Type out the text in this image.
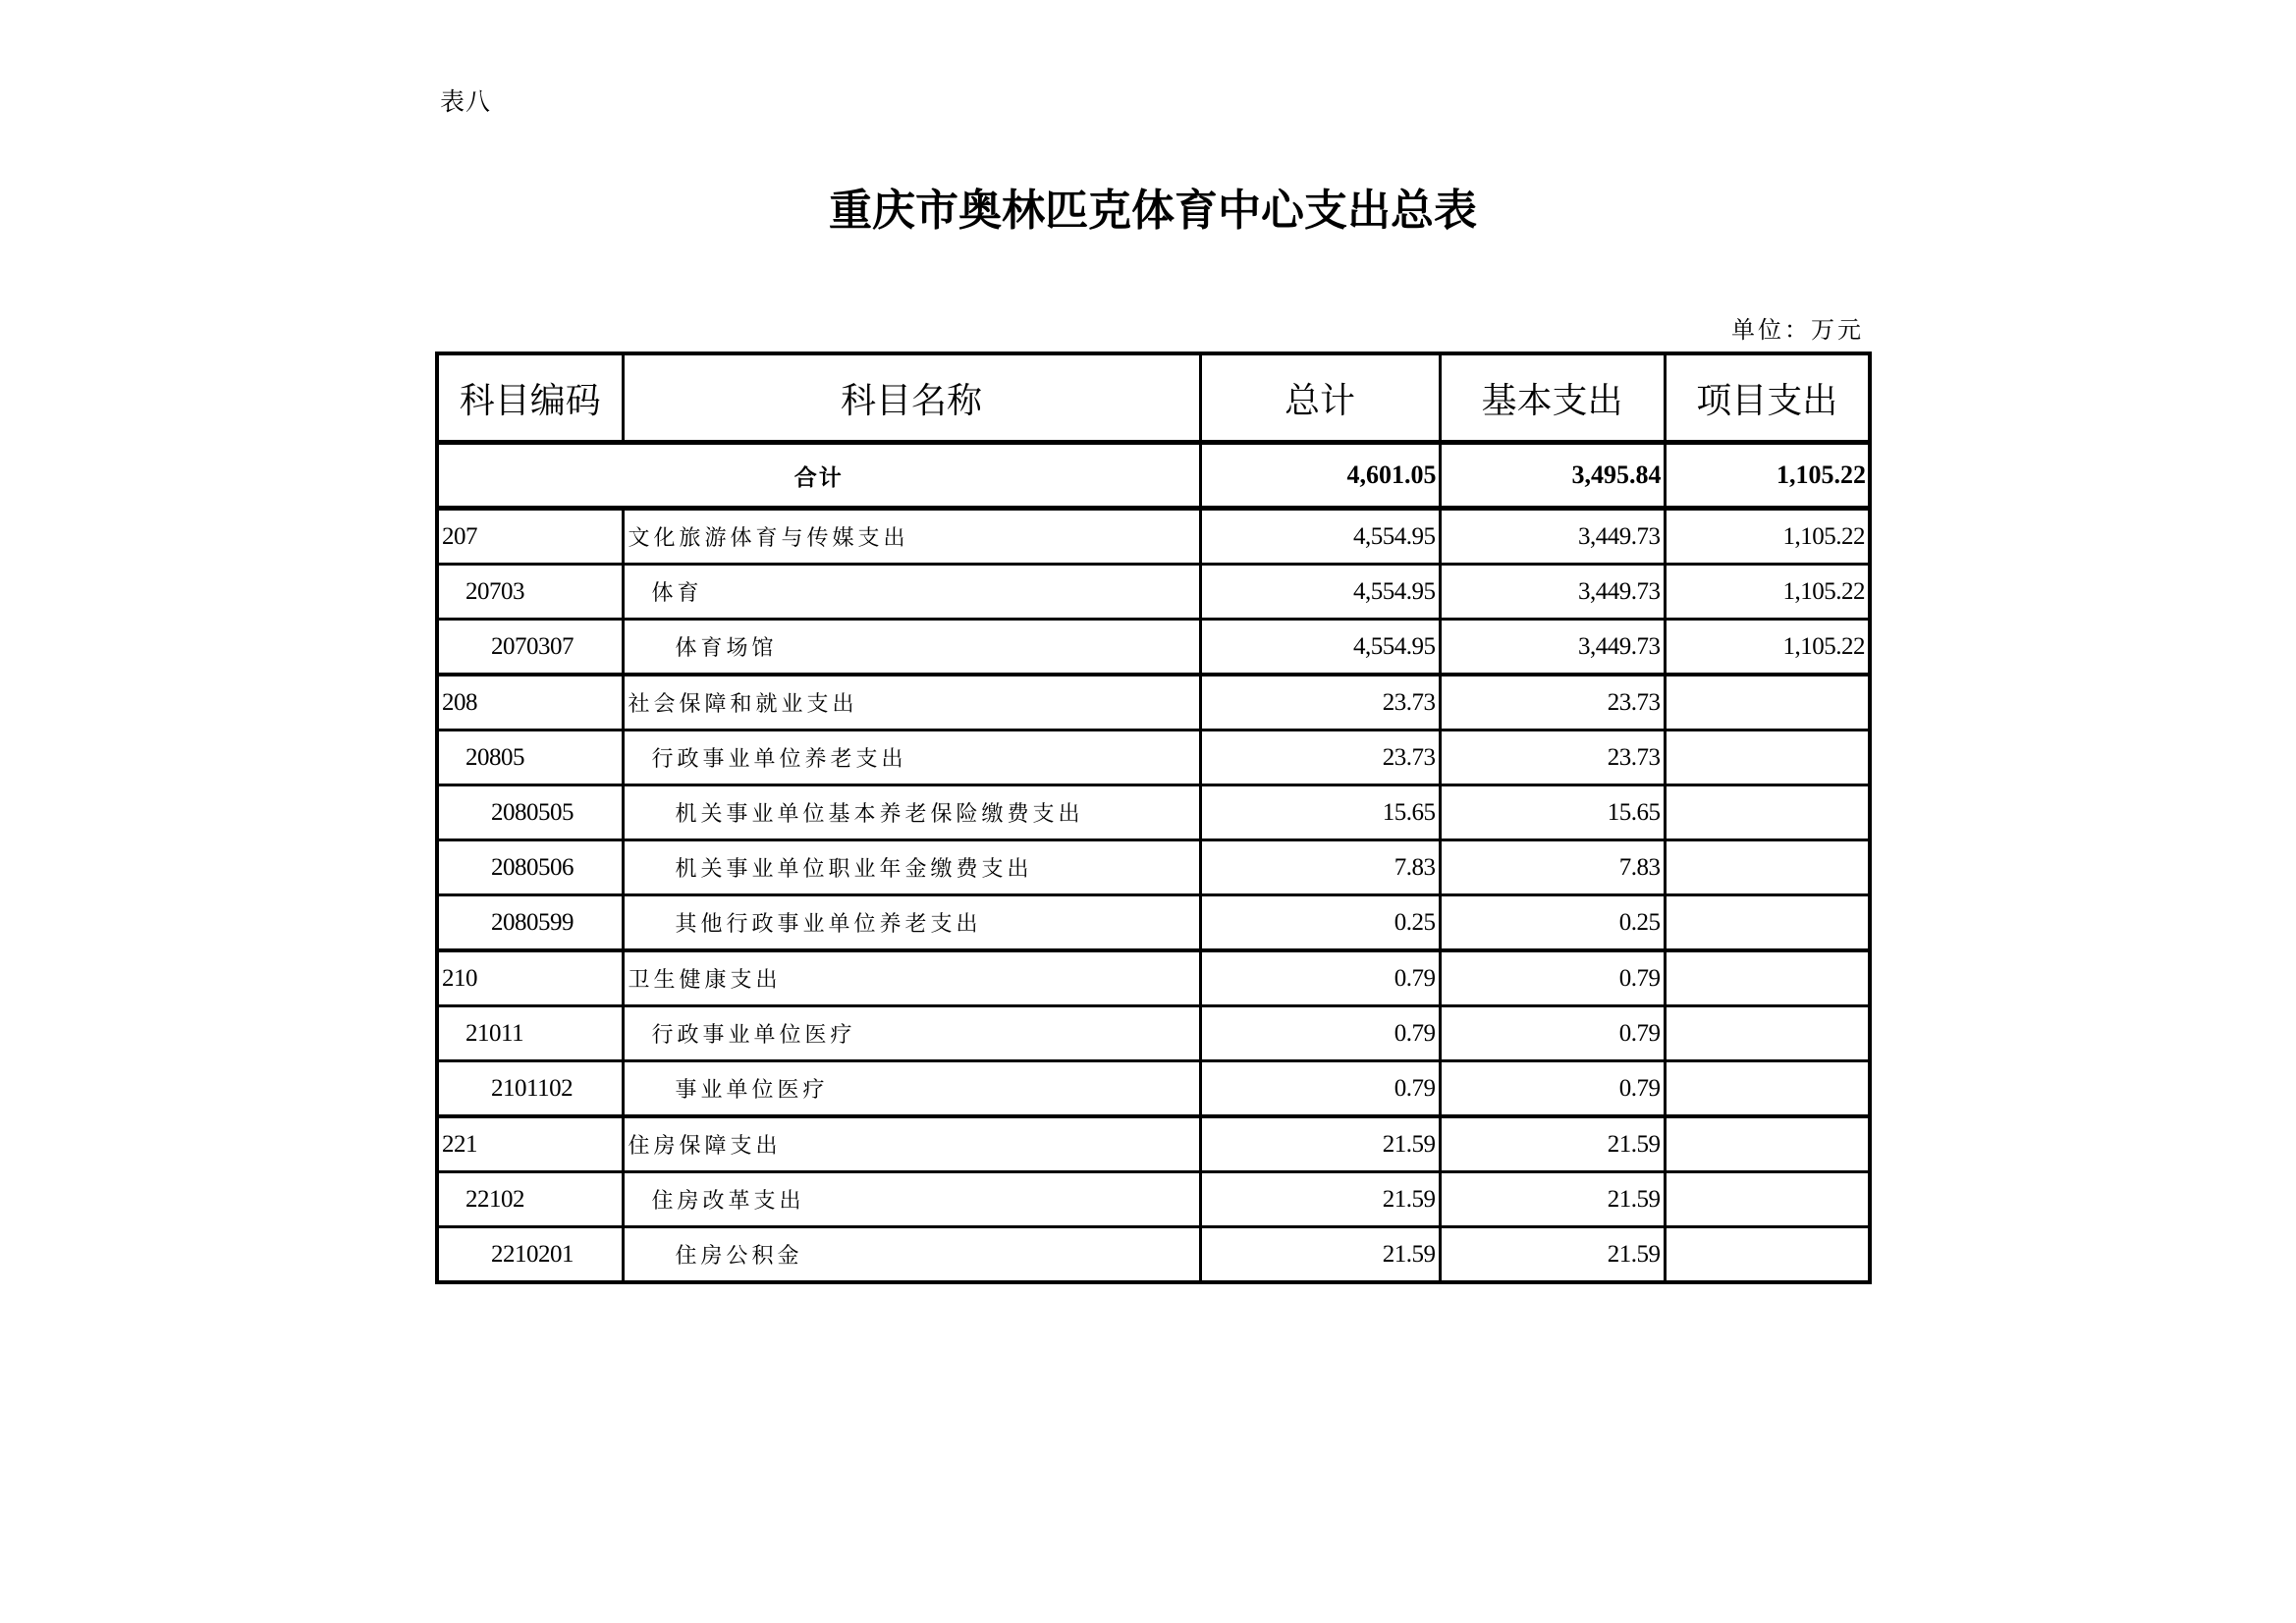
表八
重庆市奥林匹克体育中心支出总表
单位：万元
科目编码	科目名称	总计	基本支出	项目支出
合计		4,601.05	3,495.84	1,105.22
207	文化旅游体育与传媒支出	4,554.95	3,449.73	1,105.22
20703	体育	4,554.95	3,449.73	1,105.22
2070307	体育场馆	4,554.95	3,449.73	1,105.22
208	社会保障和就业支出	23.73	23.73	
20805	行政事业单位养老支出	23.73	23.73	
2080505	机关事业单位基本养老保险缴费支出	15.65	15.65	
2080506	机关事业单位职业年金缴费支出	7.83	7.83	
2080599	其他行政事业单位养老支出	0.25	0.25	
210	卫生健康支出	0.79	0.79	
21011	行政事业单位医疗	0.79	0.79	
2101102	事业单位医疗	0.79	0.79	
221	住房保障支出	21.59	21.59	
22102	住房改革支出	21.59	21.59	
2210201	住房公积金	21.59	21.59	
